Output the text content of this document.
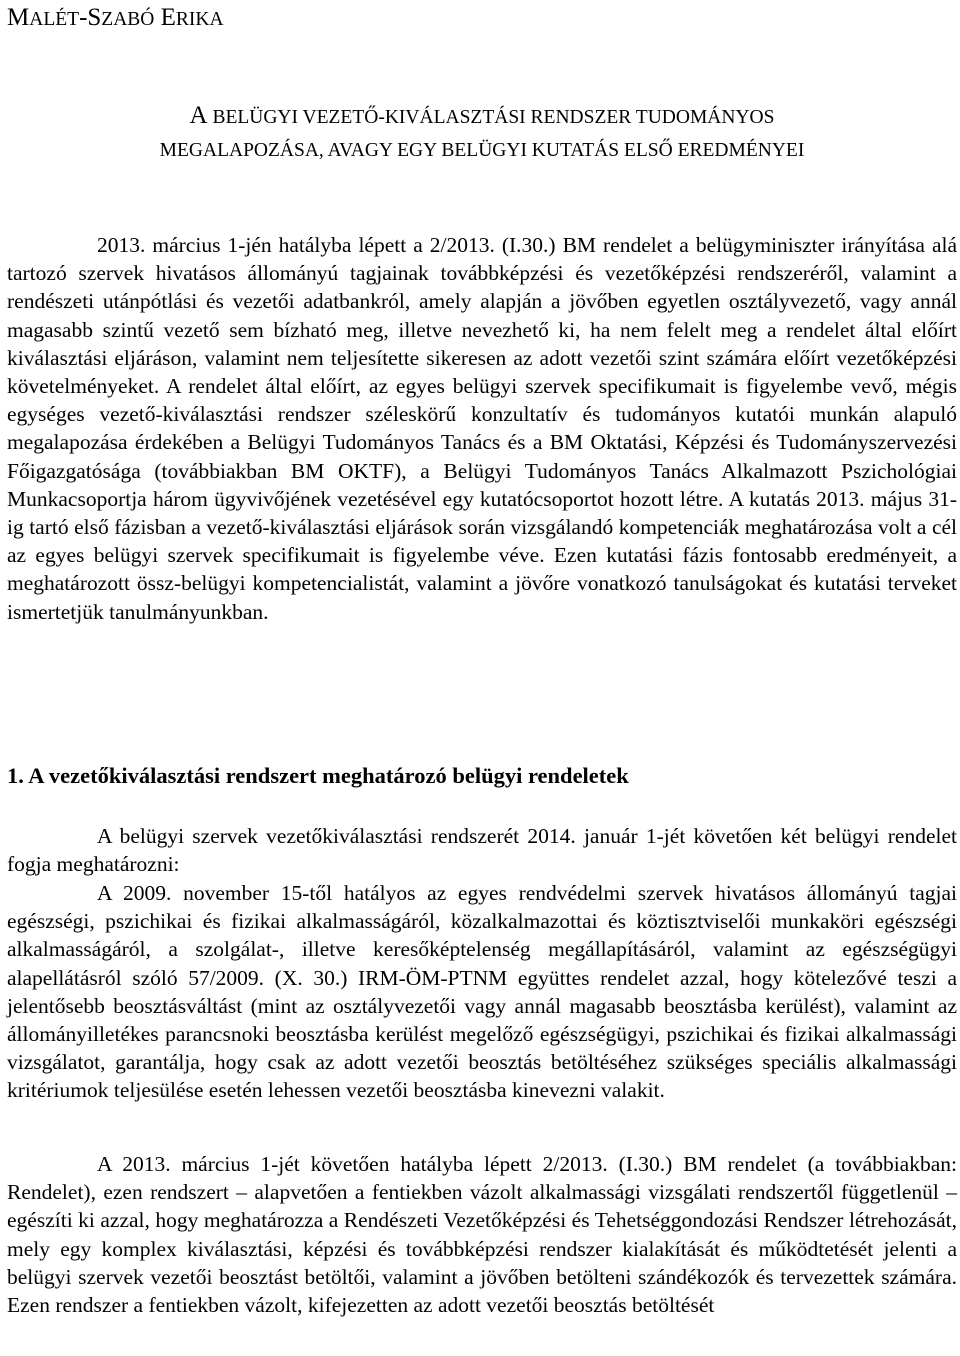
MALÉT-SZABÓ ERIKA
A BELÜGYI VEZETŐ-KIVÁLASZTÁSI RENDSZER TUDOMÁNYOS
MEGALAPOZÁSA, AVAGY EGY BELÜGYI KUTATÁS ELSŐ EREDMÉNYEI

2013. március 1-jén hatályba lépett a 2/2013. (I.30.) BM rendelet a belügyminiszter irányítása alá tartozó szervek hivatásos állományú tagjainak továbbképzési és vezetőképzési rendszeréről, valamint a rendészeti utánpótlási és vezetői adatbankról, amely alapján a jövőben egyetlen osztályvezető, vagy annál magasabb szintű vezető sem bízható meg, illetve nevezhető ki, ha nem felelt meg a rendelet által előírt kiválasztási eljáráson, valamint nem teljesítette sikeresen az adott vezetői szint számára előírt vezetőképzési követelményeket. A rendelet által előírt, az egyes belügyi szervek specifikumait is figyelembe vevő, mégis egységes vezető-kiválasztási rendszer széleskörű konzultatív és tudományos kutatói munkán alapuló megalapozása érdekében a Belügyi Tudományos Tanács és a BM Oktatási, Képzési és Tudományszervezési Főigazgatósága (továbbiakban BM OKTF), a Belügyi Tudományos Tanács Alkalmazott Pszichológiai Munkacsoportja három ügyvivőjének vezetésével egy kutatócsoportot hozott létre. A kutatás 2013. május 31-ig tartó első fázisban a vezető-kiválasztási eljárások során vizsgálandó kompetenciák meghatározása volt a cél az egyes belügyi szervek specifikumait is figyelembe véve. Ezen kutatási fázis fontosabb eredményeit, a meghatározott össz-belügyi kompetencialistát, valamint a jövőre vonatkozó tanulságokat és kutatási terveket ismertetjük tanulmányunkban.

1. A vezetőkiválasztási rendszert meghatározó belügyi rendeletek

A belügyi szervek vezetőkiválasztási rendszerét 2014. január 1-jét követően két belügyi rendelet fogja meghatározni:

A 2009. november 15-től hatályos az egyes rendvédelmi szervek hivatásos állományú tagjai egészségi, pszichikai és fizikai alkalmasságáról, közalkalmazottai és köztisztviselői munkaköri egészségi alkalmasságáról, a szolgálat-, illetve keresőképtelenség megállapításáról, valamint az egészségügyi alapellátásról szóló 57/2009. (X. 30.) IRM-ÖM-PTNM együttes rendelet azzal, hogy kötelezővé teszi a jelentősebb beosztásváltást (mint az osztályvezetői vagy annál magasabb beosztásba kerülést), valamint az állományilletékes parancsnoki beosztásba kerülést megelőző egészségügyi, pszichikai és fizikai alkalmassági vizsgálatot, garantálja, hogy csak az adott vezetői beosztás betöltéséhez szükséges speciális alkalmassági kritériumok teljesülése esetén lehessen vezetői beosztásba kinevezni valakit.

A 2013. március 1-jét követően hatályba lépett 2/2013. (I.30.) BM rendelet (a továbbiakban: Rendelet), ezen rendszert – alapvetően a fentiekben vázolt alkalmassági vizsgálati rendszertől függetlenül – egészíti ki azzal, hogy meghatározza a Rendészeti Vezetőképzési és Tehetséggondozási Rendszer létrehozását, mely egy komplex kiválasztási, képzési és továbbképzési rendszer kialakítását és működtetését jelenti a belügyi szervek vezetői beosztást betöltői, valamint a jövőben betölteni szándékozók és tervezettek számára. Ezen rendszer a fentiekben vázolt, kifejezetten az adott vezetői beosztás betöltését
